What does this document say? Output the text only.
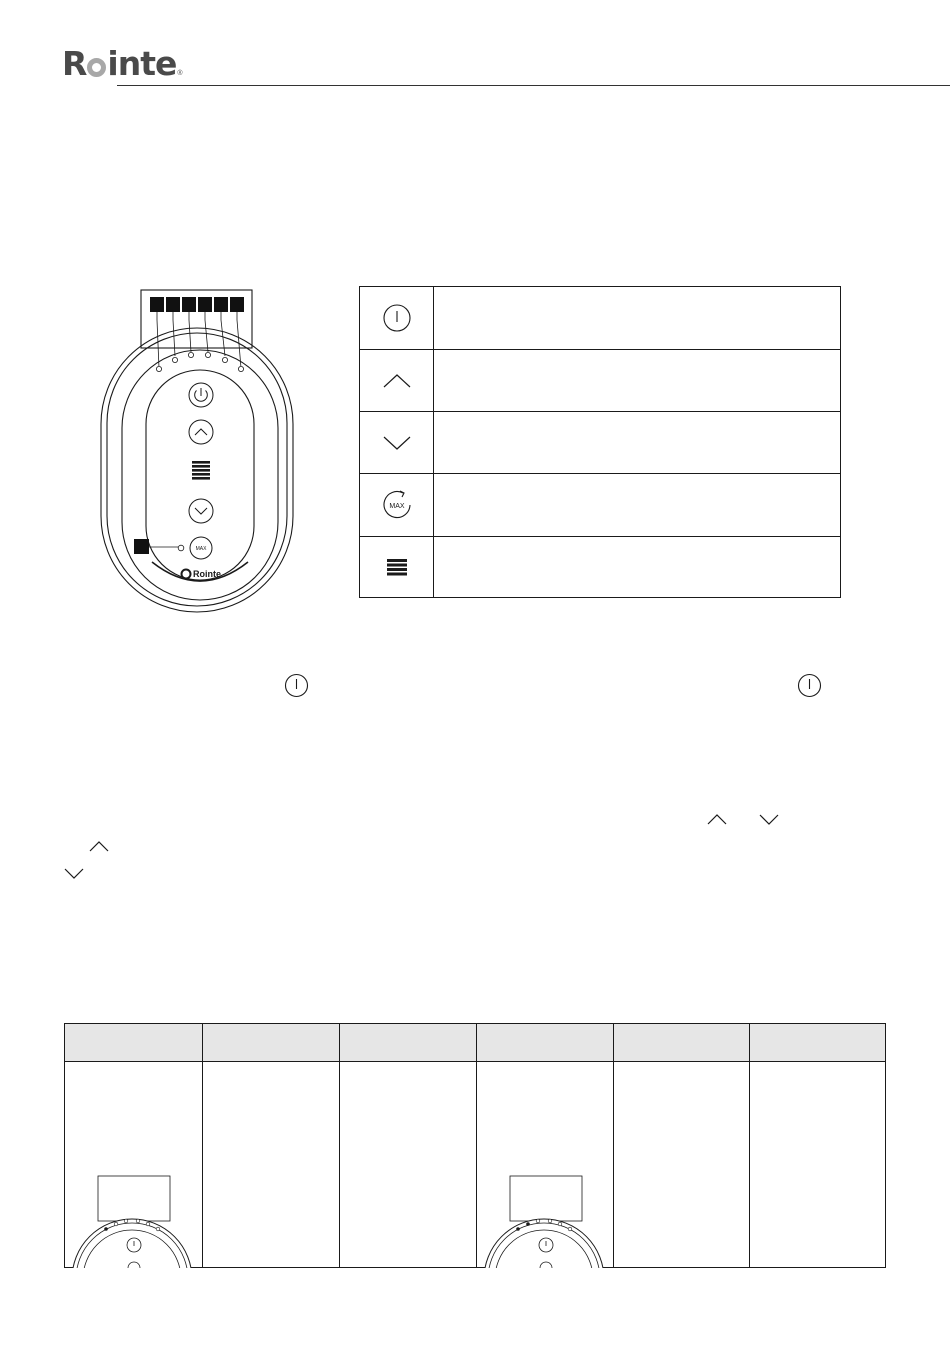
R inte ®
MAX
Rointe
MAX
